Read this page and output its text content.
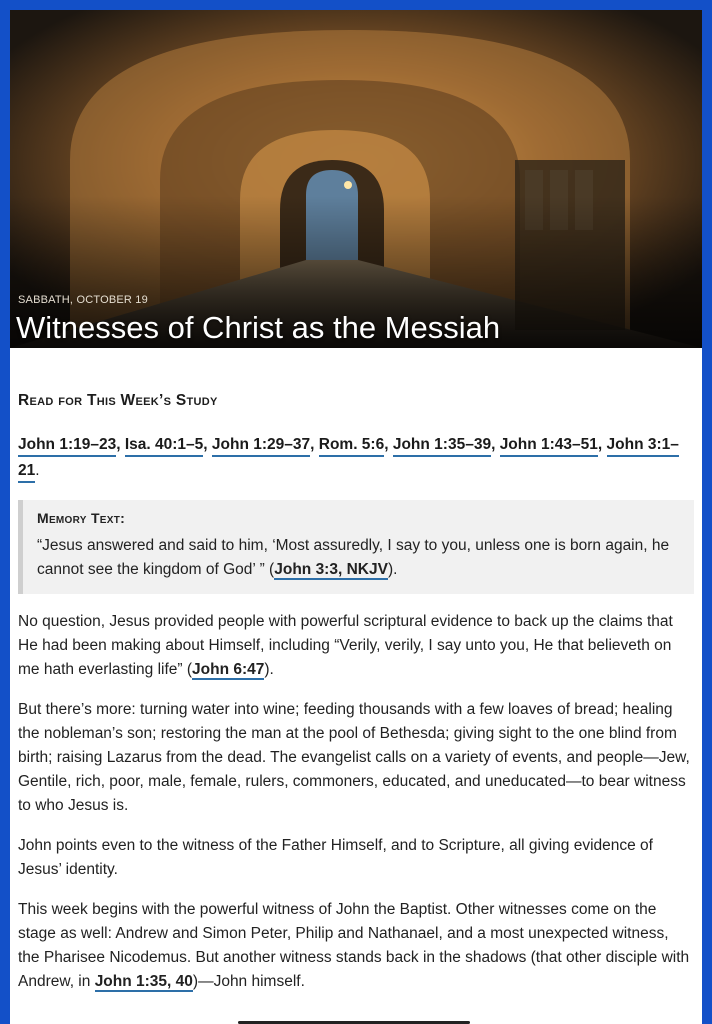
SABBATH, OCTOBER 19
Witnesses of Christ as the Messiah
Read for This Week’s Study
John 1:19–23, Isa. 40:1–5, John 1:29–37, Rom. 5:6, John 1:35–39, John 1:43–51, John 3:1–21.
Memory Text:
“Jesus answered and said to him, ‘Most assuredly, I say to you, unless one is born again, he cannot see the kingdom of God’ ” (John 3:3, NKJV).

No question, Jesus provided people with powerful scriptural evidence to back up the claims that He had been making about Himself, including “Verily, verily, I say unto you, He that believeth on me hath everlasting life” (John 6:47).

But there’s more: turning water into wine; feeding thousands with a few loaves of bread; healing the nobleman’s son; restoring the man at the pool of Bethesda; giving sight to the one blind from birth; raising Lazarus from the dead. The evangelist calls on a variety of events, and people—Jew, Gentile, rich, poor, male, female, rulers, commoners, educated, and uneducated—to bear witness to who Jesus is.

John points even to the witness of the Father Himself, and to Scripture, all giving evidence of Jesus’ identity.

This week begins with the powerful witness of John the Baptist. Other witnesses come on the stage as well: Andrew and Simon Peter, Philip and Nathanael, and a most unexpected witness, the Pharisee Nicodemus. But another witness stands back in the shadows (that other disciple with Andrew, in John 1:35, 40)—John himself.
